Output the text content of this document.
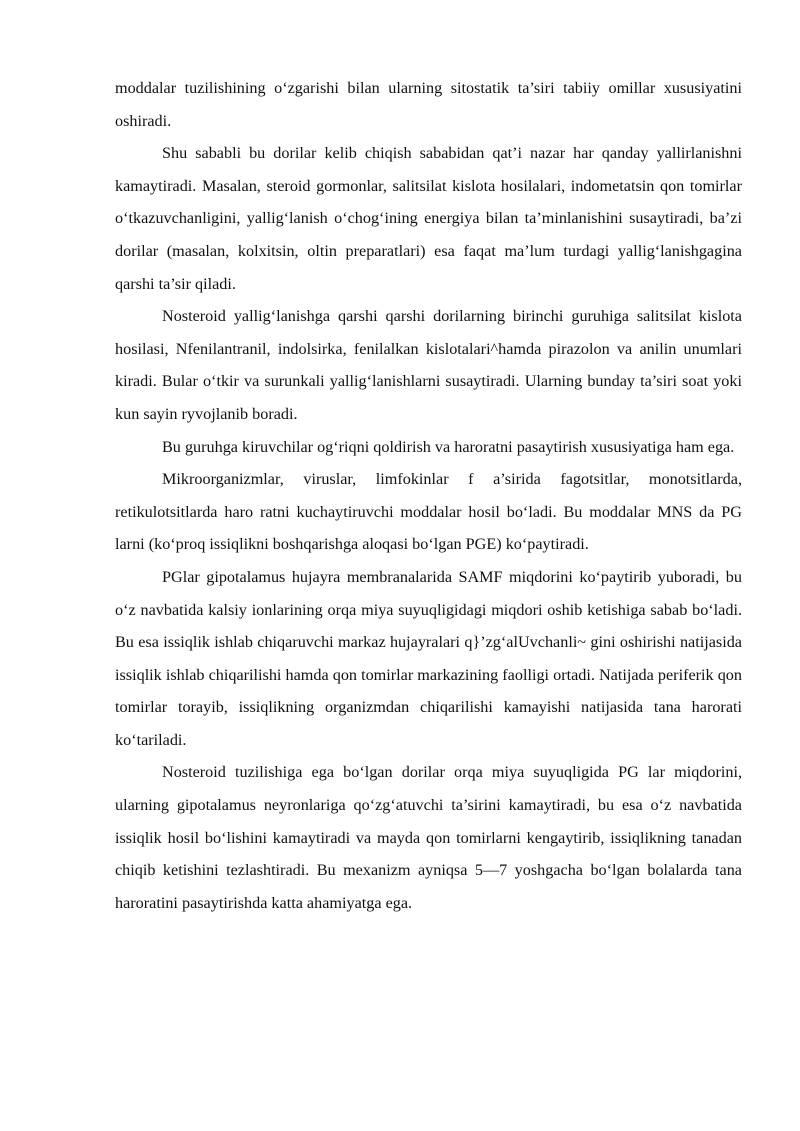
moddalar tuzilishining o‘zgarishi bilan ularning sitostatik ta’siri tabiiy omillar xususiyatini oshiradi.

Shu sababli bu dorilar kelib chiqish sababidan qat’i nazar har qanday yallirlanishni kamaytiradi. Masalan, steroid gormonlar, salitsilat kislota hosilalari, indometatsin qon tomirlar o‘tkazuvchanligini, yallig‘lanish o‘chog‘ining energiya bilan ta’minlanishini susaytiradi, ba’zi dorilar (masalan, kolxitsin, oltin preparatlari) esa faqat ma’lum turdagi yallig‘lanishgagina qarshi ta’sir qiladi.

Nosteroid yallig‘lanishga qarshi qarshi dorilarning birinchi guruhiga salitsilat kislota hosilasi, Nfenilantranil, indolsirka, fenilalkan kislotalari^hamda pirazolon va anilin unumlari kiradi. Bular o‘tkir va surunkali yallig‘lanishlarni susaytiradi. Ularning bunday ta’siri soat yoki kun sayin ryvojlanib boradi.

Bu guruhga kiruvchilar og‘riqni qoldirish va haroratni pasaytirish xususiyatiga ham ega.

Mikroorganizmlar, viruslar, limfokinlar f a’sirida fagotsitlar, monotsitlarda, retikulotsitlarda haro ratni kuchaytiruvchi moddalar hosil bo‘ladi. Bu moddalar MNS da PG larni (ko‘proq issiqlikni boshqarishga aloqasi bo‘lgan PGE) ko‘paytiradi.

PGlar gipotalamus hujayra membranalarida SAMF miqdorini ko‘paytirib yuboradi, bu o‘z navbatida kalsiy ionlarining orqa miya suyuqligidagi miqdori oshib ketishiga sabab bo‘ladi. Bu esa issiqlik ishlab chiqaruvchi markaz hujayralari q}’zg‘alUvchanli~ gini oshirishi natijasida issiqlik ishlab chiqarilishi hamda qon tomirlar markazining faolligi ortadi. Natijada periferik qon tomirlar torayib, issiqlikning organizmdan chiqarilishi kamayishi natijasida tana harorati ko‘tariladi.

Nosteroid tuzilishiga ega bo‘lgan dorilar orqa miya suyuqligida PG lar miqdorini, ularning gipotalamus neyronlariga qo‘zg‘atuvchi ta’sirini kamaytiradi, bu esa o‘z navbatida issiqlik hosil bo‘lishini kamaytiradi va mayda qon tomirlarni kengaytirib, issiqlikning tanadan chiqib ketishini tezlashtiradi. Bu mexanizm ayniqsa 5—7 yoshgacha bo‘lgan bolalarda tana haroratini pasaytirishda katta ahamiyatga ega.
